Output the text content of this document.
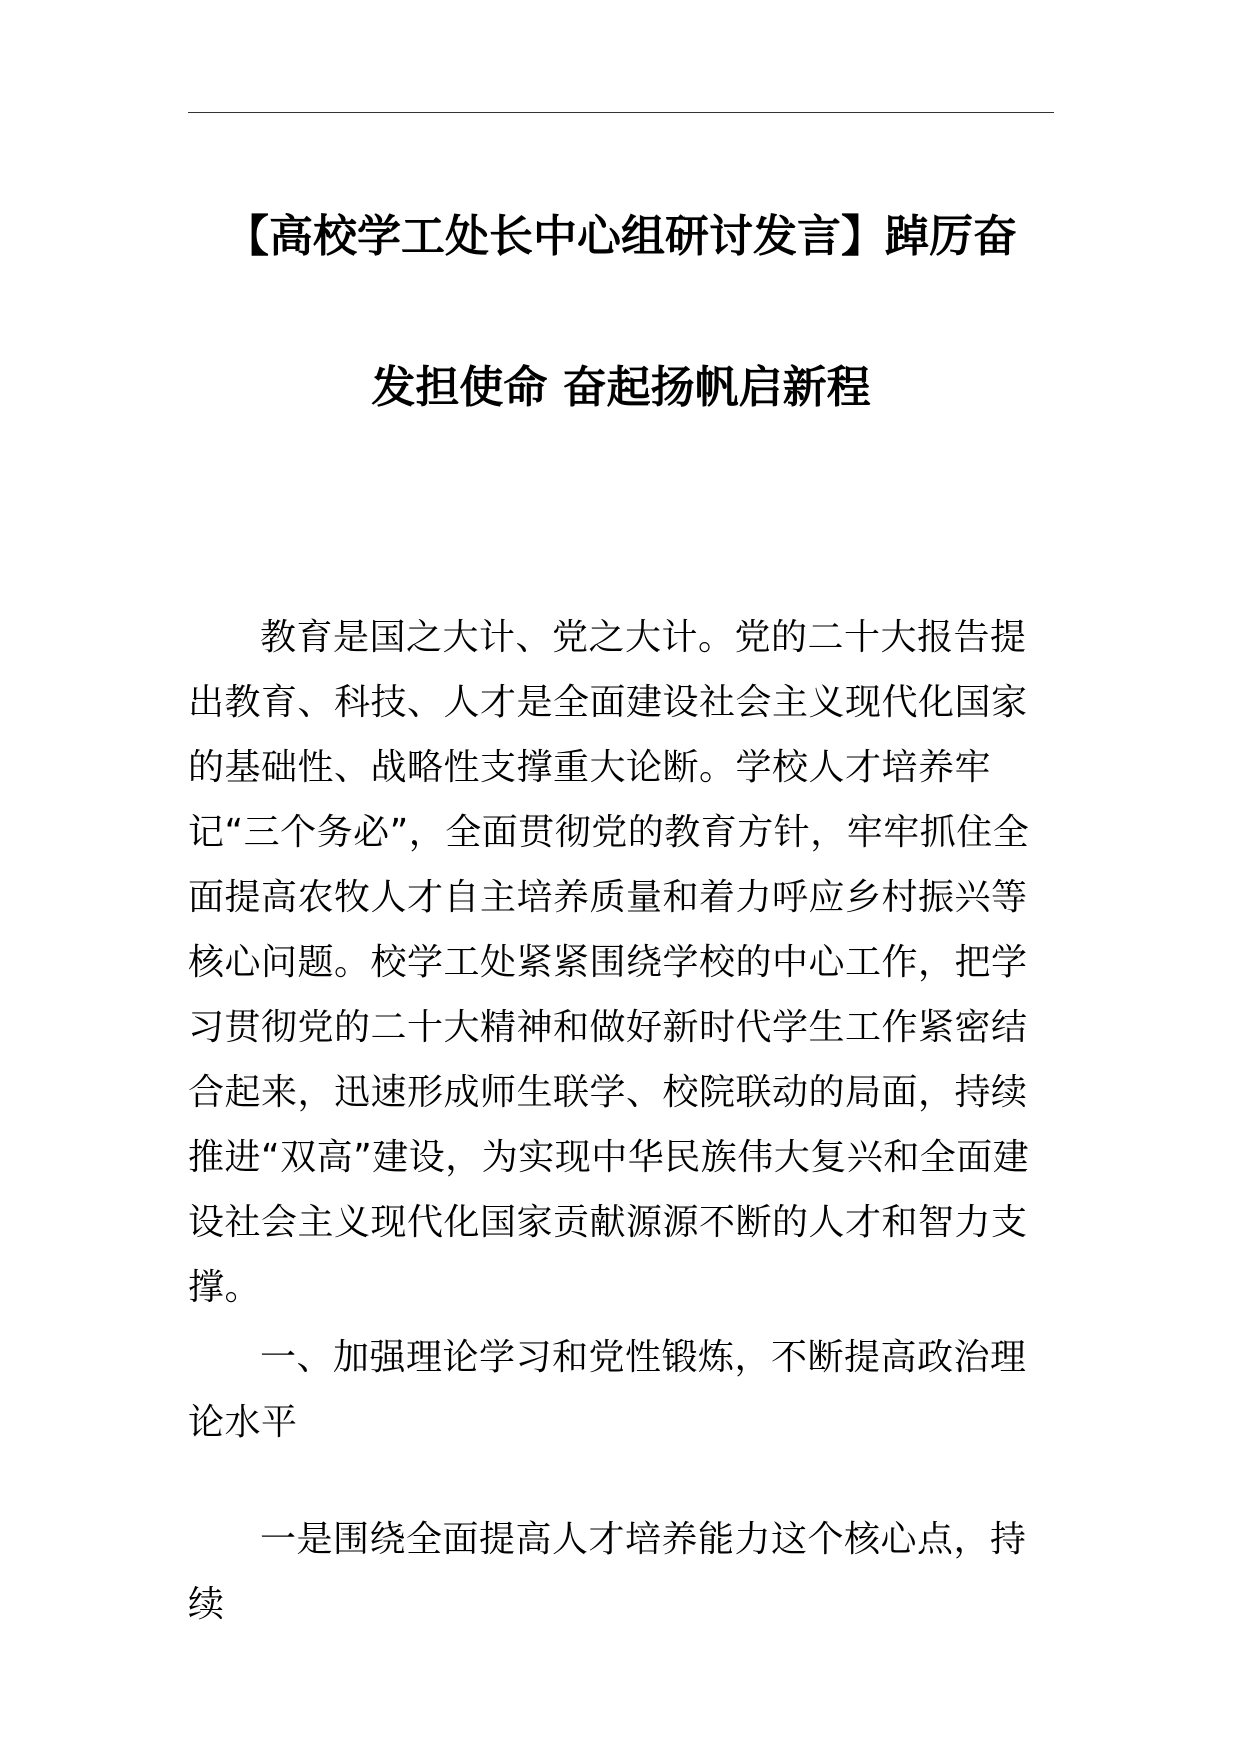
【高校学工处长中心组研讨发言】踔厉奋
发担使命 奋起扬帆启新程
教育是国之大计、党之大计。党的二十大报告提出教育、科技、人才是全面建设社会主义现代化国家的基础性、战略性支撑重大论断。学校人才培养牢记“三个务必”，全面贯彻党的教育方针，牢牢抓住全面提高农牧人才自主培养质量和着力呼应乡村振兴等核心问题。校学工处紧紧围绕学校的中心工作，把学习贯彻党的二十大精神和做好新时代学生工作紧密结合起来，迅速形成师生联学、校院联动的局面，持续推进“双高”建设，为实现中华民族伟大复兴和全面建设社会主义现代化国家贡献源源不断的人才和智力支撑。
一、加强理论学习和党性锻炼，不断提高政治理论水平
一是围绕全面提高人才培养能力这个核心点，持续
